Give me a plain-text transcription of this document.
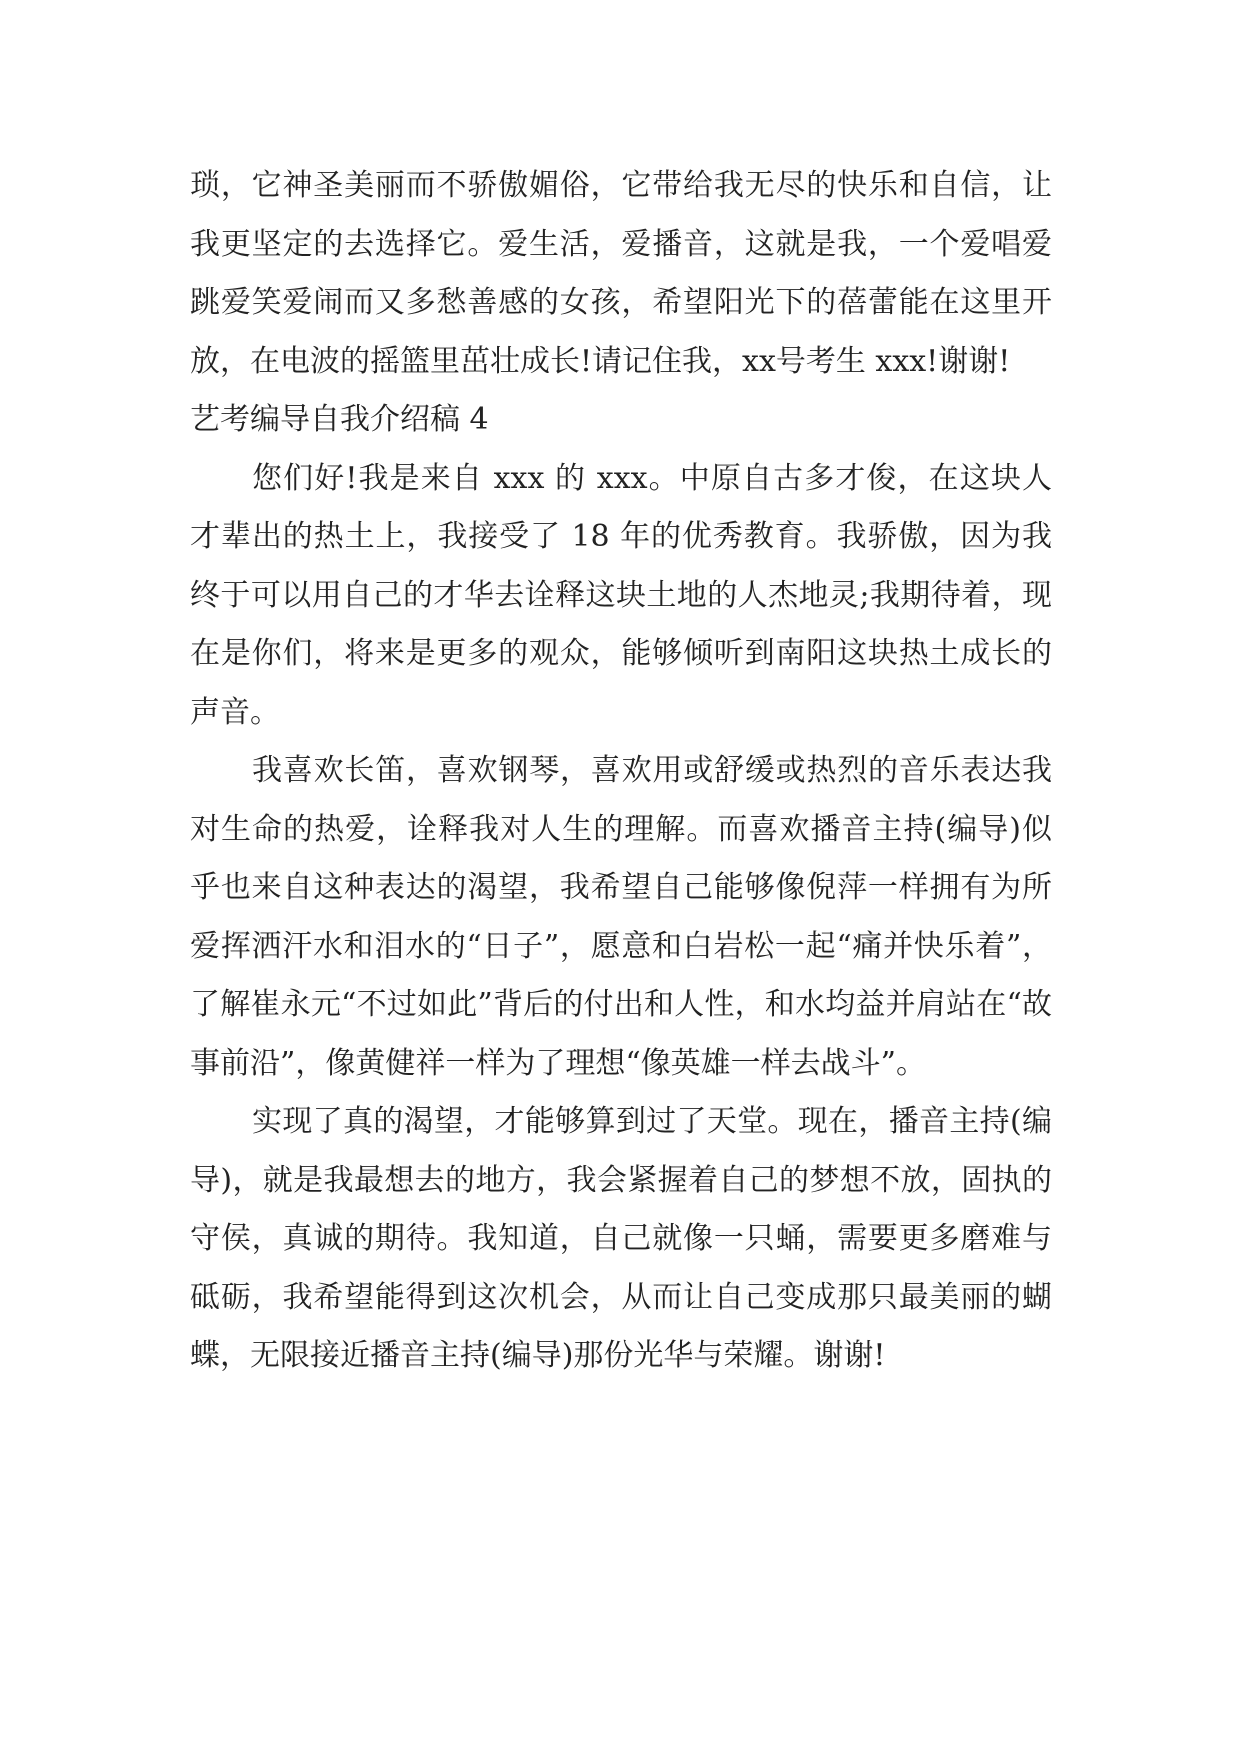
琐，它神圣美丽而不骄傲媚俗，它带给我无尽的快乐和自信，让我更坚定的去选择它。爱生活，爱播音，这就是我，一个爱唱爱跳爱笑爱闹而又多愁善感的女孩，希望阳光下的蓓蕾能在这里开放，在电波的摇篮里茁壮成长!请记住我，xx号考生 xxx!谢谢!

艺考编导自我介绍稿 4

您们好!我是来自 xxx 的 xxx。中原自古多才俊，在这块人才辈出的热土上，我接受了 18 年的优秀教育。我骄傲，因为我终于可以用自己的才华去诠释这块土地的人杰地灵;我期待着，现在是你们，将来是更多的观众，能够倾听到南阳这块热土成长的声音。

我喜欢长笛，喜欢钢琴，喜欢用或舒缓或热烈的音乐表达我对生命的热爱，诠释我对人生的理解。而喜欢播音主持(编导)似乎也来自这种表达的渴望，我希望自己能够像倪萍一样拥有为所爱挥洒汗水和泪水的“日子”，愿意和白岩松一起“痛并快乐着”，了解崔永元“不过如此”背后的付出和人性，和水均益并肩站在“故事前沿”，像黄健祥一样为了理想“像英雄一样去战斗”。

实现了真的渴望，才能够算到过了天堂。现在，播音主持(编导)，就是我最想去的地方，我会紧握着自己的梦想不放，固执的守侯，真诚的期待。我知道，自己就像一只蛹，需要更多磨难与砥砺，我希望能得到这次机会，从而让自己变成那只最美丽的蝴蝶，无限接近播音主持(编导)那份光华与荣耀。谢谢!
